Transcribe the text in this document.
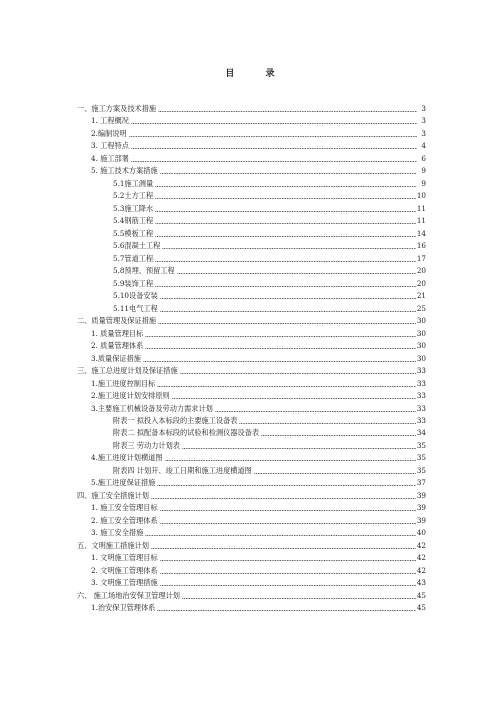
目 录
一、施工方案及技术措施	3
1. 工程概况	3
2.编制说明	3
3. 工程特点	4
4. 施工部署	6
5. 施工技术方案措施	9
5.1施工测量	9
5.2土方工程	10
5.3施工降水	11
5.4钢筋工程	11
5.5模板工程	14
5.6混凝土工程	16
5.7管道工程	17
5.8预埋、预留工程	20
5.9装饰工程	20
5.10设备安装	21
5.11电气工程	25
二、质量管理及保证措施	30
1. 质量管理目标	30
2. 质量管理体系	30
3.质量保证措施	30
三、施工总进度计划及保证措施	33
1.施工进度控制目标	33
2.施工进度计划安排原则	33
3.主要施工机械设备及劳动力需求计划	33
附表一 拟投入本标段的主要施工设备表	33
附表二 拟配备本标段的试验和检测仪器设备表	34
附表三 劳动力计划表	35
4.施工进度计划横道图	35
附表四 计划开、竣工日期和施工进度横道图	35
5.施工进度保证措施	37
四、施工安全措施计划	39
1. 施工安全管理目标	39
2. 施工安全管理体系	39
3. 施工安全措施	40
五、文明施工措施计划	42
1. 文明施工管理目标	42
2. 文明施工管理体系	42
3. 文明施工管理措施	43
六、 施工场地治安保卫管理计划	45
1.治安保卫管理体系	45
